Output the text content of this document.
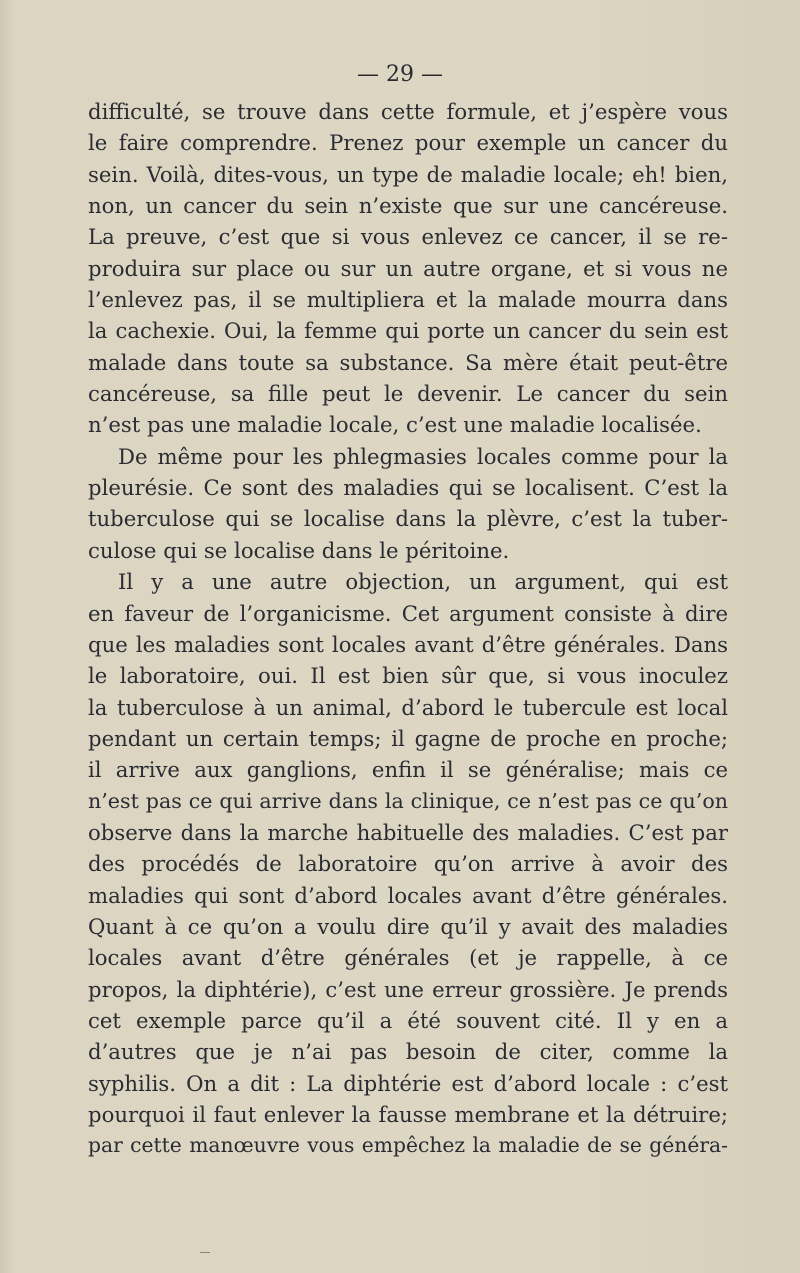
— 29 —
difficulté, se trouve dans cette formule, et j’espère vous
le faire comprendre. Prenez pour exemple un cancer du
sein. Voilà, dites-vous, un type de maladie locale; eh! bien,
non, un cancer du sein n’existe que sur une cancéreuse.
La preuve, c’est que si vous enlevez ce cancer, il se re-
produira sur place ou sur un autre organe, et si vous ne
l’enlevez pas, il se multipliera et la malade mourra dans
la cachexie. Oui, la femme qui porte un cancer du sein est
malade dans toute sa substance. Sa mère était peut-être
cancéreuse, sa fille peut le devenir. Le cancer du sein
n’est pas une maladie locale, c’est une maladie localisée.
De même pour les phlegmasies locales comme pour la
pleurésie. Ce sont des maladies qui se localisent. C’est la
tuberculose qui se localise dans la plèvre, c’est la tuber-
culose qui se localise dans le péritoine.
Il y a une autre objection, un argument, qui est
en faveur de l’organicisme. Cet argument consiste à dire
que les maladies sont locales avant d’être générales. Dans
le laboratoire, oui. Il est bien sûr que, si vous inoculez
la tuberculose à un animal, d’abord le tubercule est local
pendant un certain temps; il gagne de proche en proche;
il arrive aux ganglions, enfin il se généralise; mais ce
n’est pas ce qui arrive dans la clinique, ce n’est pas ce qu’on
observe dans la marche habituelle des maladies. C’est par
des procédés de laboratoire qu’on arrive à avoir des
maladies qui sont d’abord locales avant d’être générales.
Quant à ce qu’on a voulu dire qu’il y avait des maladies
locales avant d’être générales (et je rappelle, à ce
propos, la diphtérie), c’est une erreur grossière. Je prends
cet exemple parce qu’il a été souvent cité. Il y en a
d’autres que je n’ai pas besoin de citer, comme la
syphilis. On a dit : La diphtérie est d’abord locale : c’est
pourquoi il faut enlever la fausse membrane et la détruire;
par cette manœuvre vous empêchez la maladie de se généra-
